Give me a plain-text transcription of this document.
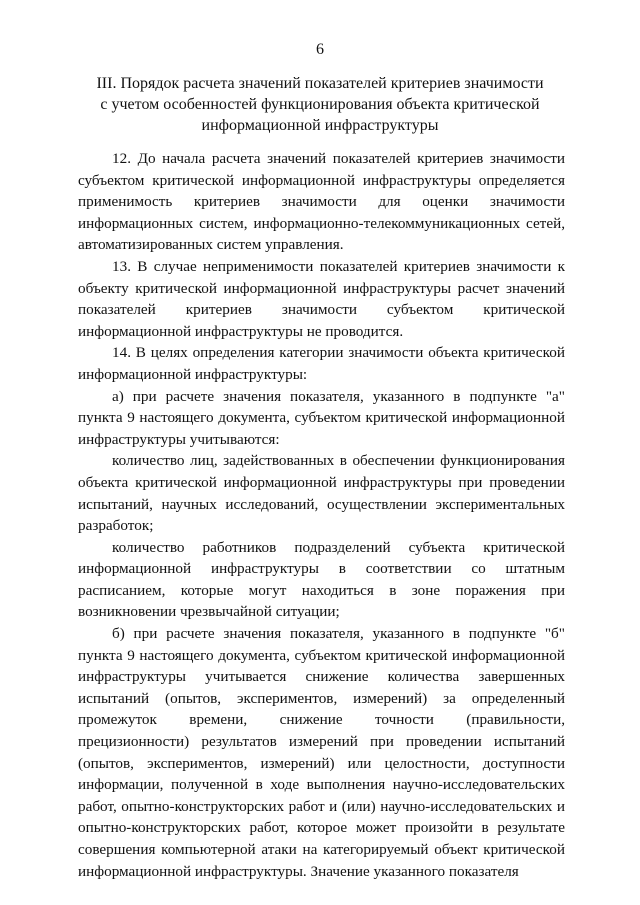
6
III. Порядок расчета значений показателей критериев значимости
с учетом особенностей функционирования объекта критической
информационной инфраструктуры

12. До начала расчета значений показателей критериев значимости субъектом критической информационной инфраструктуры определяется применимость критериев значимости для оценки значимости информационных систем, информационно-телекоммуникационных сетей, автоматизированных систем управления.

13. В случае неприменимости показателей критериев значимости к объекту критической информационной инфраструктуры расчет значений показателей критериев значимости субъектом критической информационной инфраструктуры не проводится.

14. В целях определения категории значимости объекта критической информационной инфраструктуры:

а) при расчете значения показателя, указанного в подпункте "а" пункта 9 настоящего документа, субъектом критической информационной инфраструктуры учитываются:

количество лиц, задействованных в обеспечении функционирования объекта критической информационной инфраструктуры при проведении испытаний, научных исследований, осуществлении экспериментальных разработок;

количество работников подразделений субъекта критической информационной инфраструктуры в соответствии со штатным расписанием, которые могут находиться в зоне поражения при возникновении чрезвычайной ситуации;

б) при расчете значения показателя, указанного в подпункте "б" пункта 9 настоящего документа, субъектом критической информационной инфраструктуры учитывается снижение количества завершенных испытаний (опытов, экспериментов, измерений) за определенный промежуток времени, снижение точности (правильности, прецизионности) результатов измерений при проведении испытаний (опытов, экспериментов, измерений) или целостности, доступности информации, полученной в ходе выполнения научно-исследовательских работ, опытно-конструкторских работ и (или) научно-исследовательских и опытно-конструкторских работ, которое может произойти в результате совершения компьютерной атаки на категорируемый объект критической информационной инфраструктуры. Значение указанного показателя
